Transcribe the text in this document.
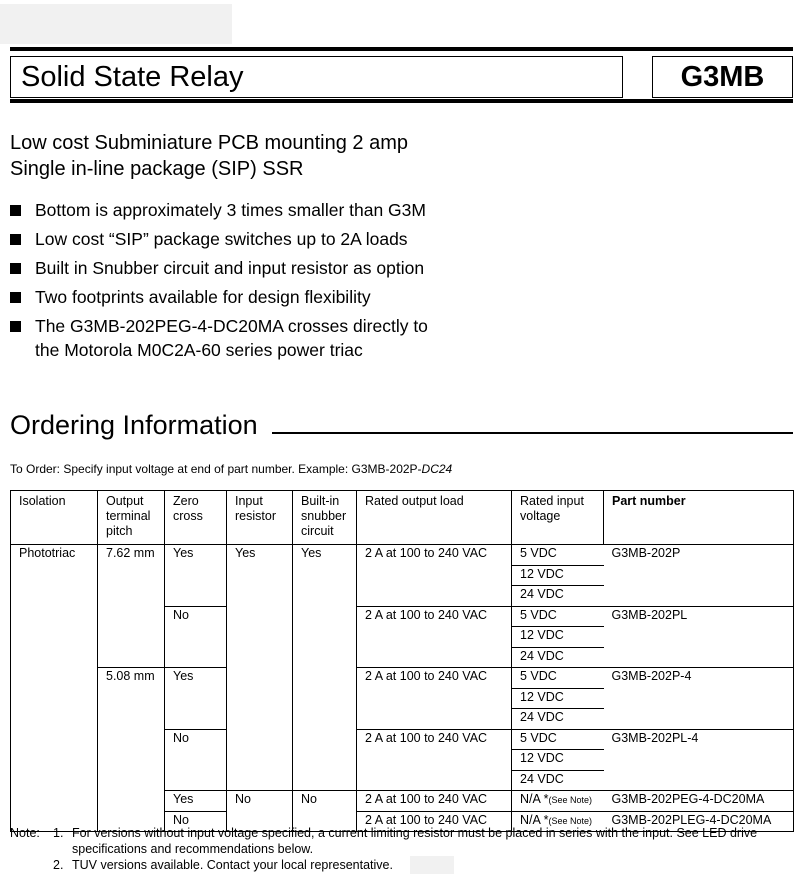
Solid State Relay	G3MB
Low cost Subminiature PCB mounting 2 amp
Single in-line package (SIP) SSR
Bottom is approximately 3 times smaller than G3M
Low cost “SIP” package switches up to 2A loads
Built in Snubber circuit and input resistor as option
Two footprints available for design flexibility
The G3MB-202PEG-4-DC20MA crosses directly to
the Motorola M0C2A-60 series power triac
Ordering Information
To Order: Specify input voltage at end of part number. Example: G3MB-202P-DC24
Isolation	Output terminal pitch	Zero cross	Input resistor	Built-in snubber circuit	Rated output load	Rated input voltage	Part number
Phototriac	7.62 mm	Yes	Yes	Yes	2 A at 100 to 240 VAC	5 VDC	G3MB-202P
						12 VDC	
						24 VDC	
		No			2 A at 100 to 240 VAC	5 VDC	G3MB-202PL
						12 VDC	
						24 VDC	
	5.08 mm	Yes			2 A at 100 to 240 VAC	5 VDC	G3MB-202P-4
						12 VDC	
						24 VDC	
		No			2 A at 100 to 240 VAC	5 VDC	G3MB-202PL-4
						12 VDC	
						24 VDC	
		Yes	No	No	2 A at 100 to 240 VAC	N/A *(See Note)	G3MB-202PEG-4-DC20MA
		No			2 A at 100 to 240 VAC	N/A *(See Note)	G3MB-202PLEG-4-DC20MA
Note: 1. For versions without input voltage specified, a current limiting resistor must be placed in series with the input. See LED drive
specifications and recommendations below.
2. TUV versions available. Contact your local representative.
